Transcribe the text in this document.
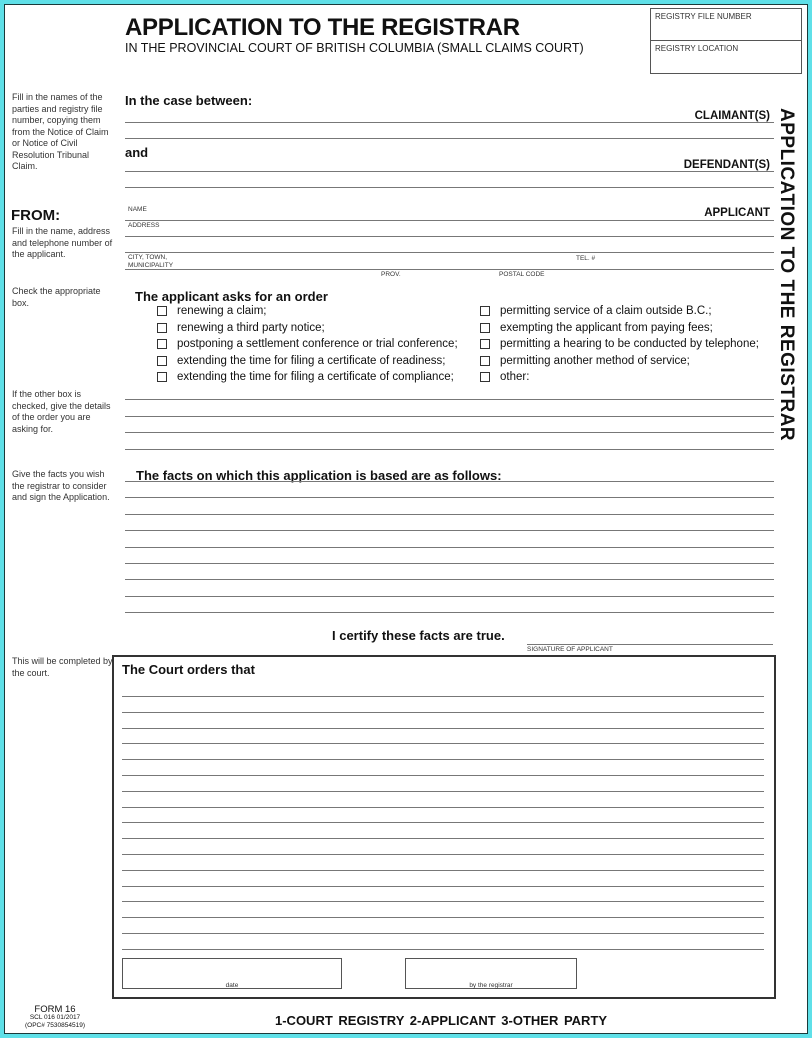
APPLICATION TO THE REGISTRAR
IN THE PROVINCIAL COURT OF BRITISH COLUMBIA (SMALL CLAIMS COURT)
REGISTRY FILE NUMBER
REGISTRY LOCATION
APPLICATION TO THE REGISTRAR
Fill in the names of the parties and registry file number, copying them from the Notice of Claim or Notice of Civil Resolution Tribunal Claim.
FROM:
Fill in the name, address and telephone number of the applicant.
Check the appropriate box.
If the other box is checked, give the details of the order you are asking for.
Give the facts you wish the registrar to consider and sign the Application.
This will be completed by the court.
In the case between:
CLAIMANT(S)
and
DEFENDANT(S)
NAME	APPLICANT
ADDRESS
CITY, TOWN,
MUNICIPALITY
TEL. #
PROV.	POSTAL CODE
The applicant asks for an order
renewing a claim;
renewing a third party notice;
postponing a settlement conference or trial conference;
extending the time for filing a certificate of readiness;
extending the time for filing a certificate of compliance;
permitting service of a claim outside B.C.;
exempting the applicant from paying fees;
permitting a hearing to be conducted by telephone;
permitting another method of service;
other:
The facts on which this application is based are as follows:
I certify these facts are true.
SIGNATURE OF APPLICANT
The Court orders that
date	by the registrar
FORM 16
SCL 016 01/2017
(OPC# 7530854519)	1-COURT REGISTRY 2-APPLICANT 3-OTHER PARTY
